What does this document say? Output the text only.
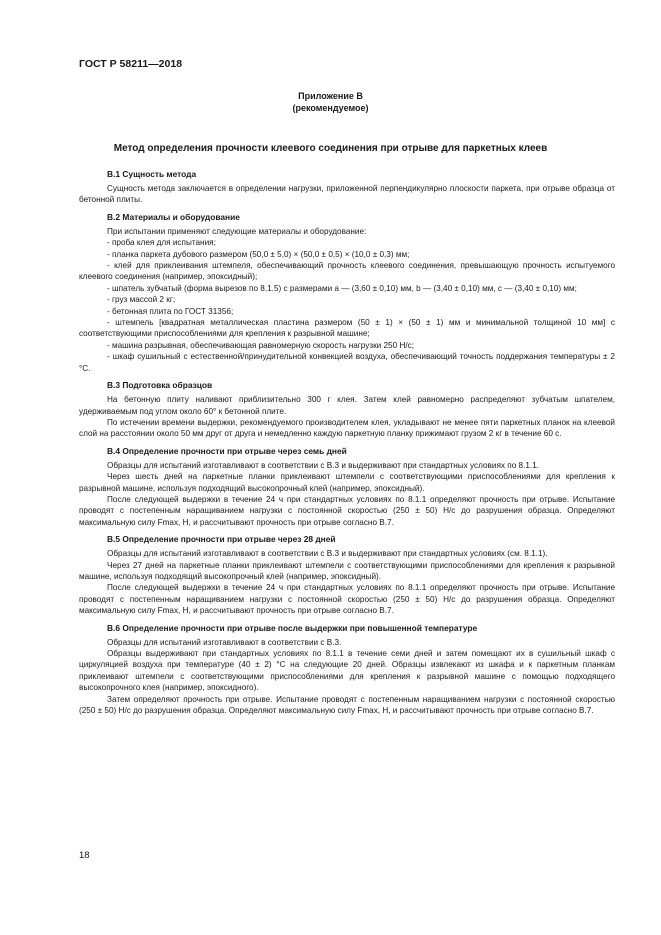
ГОСТ Р 58211—2018
Приложение В
(рекомендуемое)
Метод определения прочности клеевого соединения при отрыве для паркетных клеев
В.1 Сущность метода

Сущность метода заключается в определении нагрузки, приложенной перпендикулярно плоскости паркета, при отрыве образца от бетонной плиты.

В.2 Материалы и оборудование

При испытании применяют следующие материалы и оборудование:

- проба клея для испытания;

- планка паркета дубового размером (50,0 ± 5,0) × (50,0 ± 0,5) × (10,0 ± 0,3) мм;

- клей для приклеивания штемпеля, обеспечивающий прочность клеевого соединения, превышающую прочность испытуемого клеевого соединения (например, эпоксидный);

- шпатель зубчатый (форма вырезов по 8.1.5) с размерами a — (3,60 ± 0,10) мм, b — (3,40 ± 0,10) мм, c — (3,40 ± 0,10) мм;

- груз массой 2 кг;

- бетонная плита по ГОСТ 31356;

- штемпель [квадратная металлическая пластина размером (50 ± 1) × (50 ± 1) мм и минимальной толщиной 10 мм] с соответствующими приспособлениями для крепления к разрывной машине;

- машина разрывная, обеспечивающая равномерную скорость нагрузки 250 Н/с;

- шкаф сушильный с естественной/принудительной конвекцией воздуха, обеспечивающий точность поддержания температуры ± 2 °С.

В.3 Подготовка образцов

На бетонную плиту наливают приблизительно 300 г клея. Затем клей равномерно распределяют зубчатым шпателем, удерживаемым под углом около 60° к бетонной плите.

По истечении времени выдержки, рекомендуемого производителем клея, укладывают не менее пяти паркетных планок на клеевой слой на расстоянии около 50 мм друг от друга и немедленно каждую паркетную планку прижимают грузом 2 кг в течение 60 с.

В.4 Определение прочности при отрыве через семь дней

Образцы для испытаний изготавливают в соответствии с В.3 и выдерживают при стандартных условиях по 8.1.1.

Через шесть дней на паркетные планки приклеивают штемпели с соответствующими приспособлениями для крепления к разрывной машине, используя подходящий высокопрочный клей (например, эпоксидный).

После следующей выдержки в течение 24 ч при стандартных условиях по 8.1.1 определяют прочность при отрыве. Испытание проводят с постепенным наращиванием нагрузки с постоянной скоростью (250 ± 50) Н/с до разрушения образца. Определяют максимальную силу Fmax, Н, и рассчитывают прочность при отрыве согласно В.7.

В.5 Определение прочности при отрыве через 28 дней

Образцы для испытаний изготавливают в соответствии с В.3 и выдерживают при стандартных условиях (см. 8.1.1).

Через 27 дней на паркетные планки приклеивают штемпели с соответствующими приспособлениями для крепления к разрывной машине, используя подходящий высокопрочный клей (например, эпоксидный).

После следующей выдержки в течение 24 ч при стандартных условиях по 8.1.1 определяют прочность при отрыве. Испытание проводят с постепенным наращиванием нагрузки с постоянной скоростью (250 ± 50) Н/с до разрушения образца. Определяют максимальную силу Fmax, Н, и рассчитывают прочность при отрыве согласно В.7.

В.6 Определение прочности при отрыве после выдержки при повышенной температуре

Образцы для испытаний изготавливают в соответствии с В.3.

Образцы выдерживают при стандартных условиях по 8.1.1 в течение семи дней и затем помещают их в сушильный шкаф с циркуляцией воздуха при температуре (40 ± 2) °С на следующие 20 дней. Образцы извлекают из шкафа и к паркетным планкам приклеивают штемпели с соответствующими приспособлениями для крепления к разрывной машине с помощью подходящего высокопрочного клея (например, эпоксидного).

Затем определяют прочность при отрыве. Испытание проводят с постепенным наращиванием нагрузки с постоянной скоростью (250 ± 50) Н/с до разрушения образца. Определяют максимальную силу Fmax, Н, и рассчитывают прочность при отрыве согласно В.7.

18
